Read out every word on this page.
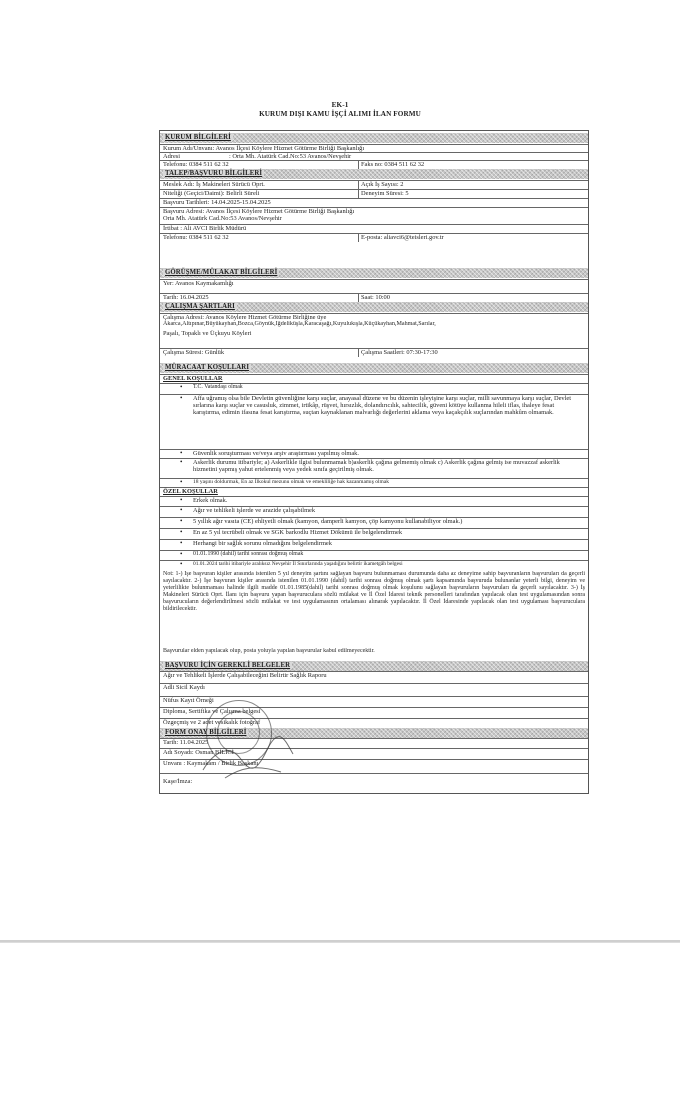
EK-1
KURUM DIŞI KAMU İŞÇİ ALIMI İLAN FORMU
KURUM BİLGİLERİ
Kurum Adı/Unvanı: Avanos İlçesi Köylere Hizmet Götürme Birliği Başkanlığı
Adresi	: Orta Mh. Atatürk Cad.No:53 Avanos/Nevşehir
Telefonu: 0384 511 62 32	Faks no: 0384 511 62 32
TALEP/BAŞVURU BİLGİLERİ
Meslek Adı: İş Makineleri Sürücü Oprt.	Açık İş Sayısı: 2
Niteliği (Geçici/Daimi): Belirli Süreli	Deneyim Süresi: 5
Başvuru Tarihleri: 14.04.2025-15.04.2025
Başvuru Adresi: Avanos İlçesi Köylere Hizmet Götürme Birliği Başkanlığı
Orta Mh. Atatürk Cad.No:53 Avanos/Nevşehir
İrtibat : Ali AVCI Birlik Müdürü
Telefonu: 0384 511 62 32	E-posta: aliavci6@teisleri.gov.tr
GÖRÜŞME/MÜLAKAT BİLGİLERİ
Yer: Avanos Kaymakamlığı
Tarih: 16.04.2025	Saat: 10:00
ÇALIŞMA ŞARTLARI
Çalışma Adresi: Avanos Köylere Hizmet Götürme Birliğine üye
Akarca,Altıpınar,Büyükayhan,Bozca,Göynük,İğdeliküşla,Karacaşağı,Kuyulukışla,Küçükayhan,Mahmat,Sarılar,
Paşalı, Topaklı ve Üçkuyu Köyleri
Çalışma Süresi: Günlük	Çalışma Saatleri: 07:30-17:30
MÜRACAAT KOŞULLARI
GENEL KOŞULLAR
• T.C. Vatandaşı olmak
• Affa uğramış olsa bile Devletin güvenliğine karşı suçlar, anayasal düzene ve bu düzenin işleyişine karşı suçlar, milli savunmaya karşı suçlar, Devlet sırlarına karşı suçlar ve casusluk, zimmet, irtikâp, rüşvet, hırsızlık, dolandırıcılık, sahtecilik, güveni kötüye kullanma hileli iflas, ihaleye fesat karıştırma, edimin ifasına fesat karıştırma, suçtan kaynaklanan malvarlığı değerlerini aklama veya kaçakçılık suçlarından mahkûm olmamak.
• Güvenlik soruşturması ve/veya arşiv araştırması yapılmış olmak.
• Askerlik durumu itibariyle; a) Askerlikle ilgisi bulunmamak b)askerlik çağına gelmemiş olmak c) Askerlik çağına gelmiş ise muvazzaf askerlik hizmetini yapmış yahut ertelenmiş veya yedek sınıfa geçirilmiş olmak.
• 18 yaşını doldurmak, En az İlkokul mezunu olmak ve emekliliğe hak kazanmamış olmak
ÖZEL KOŞULLAR
• Erkek olmak.
• Ağır ve tehlikeli işlerde ve arazide çalışabilmek
• 5 yıllık ağır vasıta (CE) ehliyetli olmak (kamyon, damperli kamyon, çöp kamyonu kullanabiliyor olmak.)
• En az 5 yıl tecrübeli olmak ve SGK barkodlu Hizmet Dökümü ile belgelendirmek
• Herhangi bir sağlık sorunu olmadığını belgelendirmek
• 01.01.1990 (dahil) tarihi sonrası doğmuş olmak
• 01.01.2024 tarihi itibariyle aralıksız Nevşehir İl Sınırlarında yaşadığını belirtir ikametgâh belgesi
Not: 1-) İşe başvuran kişiler arasında istenilen 5 yıl deneyim şartını sağlayan başvuru bulunmaması durumunda daha az deneyime sahip başvuranların başvuruları da geçerli sayılacaktır. 2-) İşe başvuran kişiler arasında istenilen 01.01.1990 (dahil) tarihi sonrası doğmuş olmak şartı kapsamında başvuruda bulunanlar yeterli bilgi, deneyim ve yeterlilikte bulunmaması halinde ilgili madde 01.01.1985(dahil) tarihi sonrası doğmuş olmak koşulunu sağlayan başvuruların başvuruları da geçerli sayılacaktır. 3-) İş Makineleri Sürücü Oprt. İlanı için başvuru yapan başvuruculara sözlü mülakat ve İl Özel İdaresi teknik personelleri tarafından yapılacak olan test uygulamasından sonra başvurucuların değerlendirilmesi sözlü mülakat ve test uygulamasının ortalaması alınarak yapılacaktır. İl Özel İdaresinde yapılacak olan test uygulaması başvuruculara bildirilecektir.
Başvurular elden yapılacak olup, posta yoluyla yapılan başvurular kabul edilmeyecektir.
BAŞVURU İÇİN GEREKLİ BELGELER
Ağır ve Tehlikeli İşlerde Çalışabileceğini Belirtir Sağlık Raporu
Adli Sicil Kaydı
Nüfus Kayıt Örneği
Diploma, Sertifika ve Çalışma belgesi
Özgeçmiş ve 2 adet vesikalık fotoğraf
FORM ONAY BİLGİLERİ
Tarih: 11.04.2025
Adı Soyadı: Osman BİLİCİ
Unvanı : Kaymakam / Birlik Başkanı
Kaşe/İmza:
